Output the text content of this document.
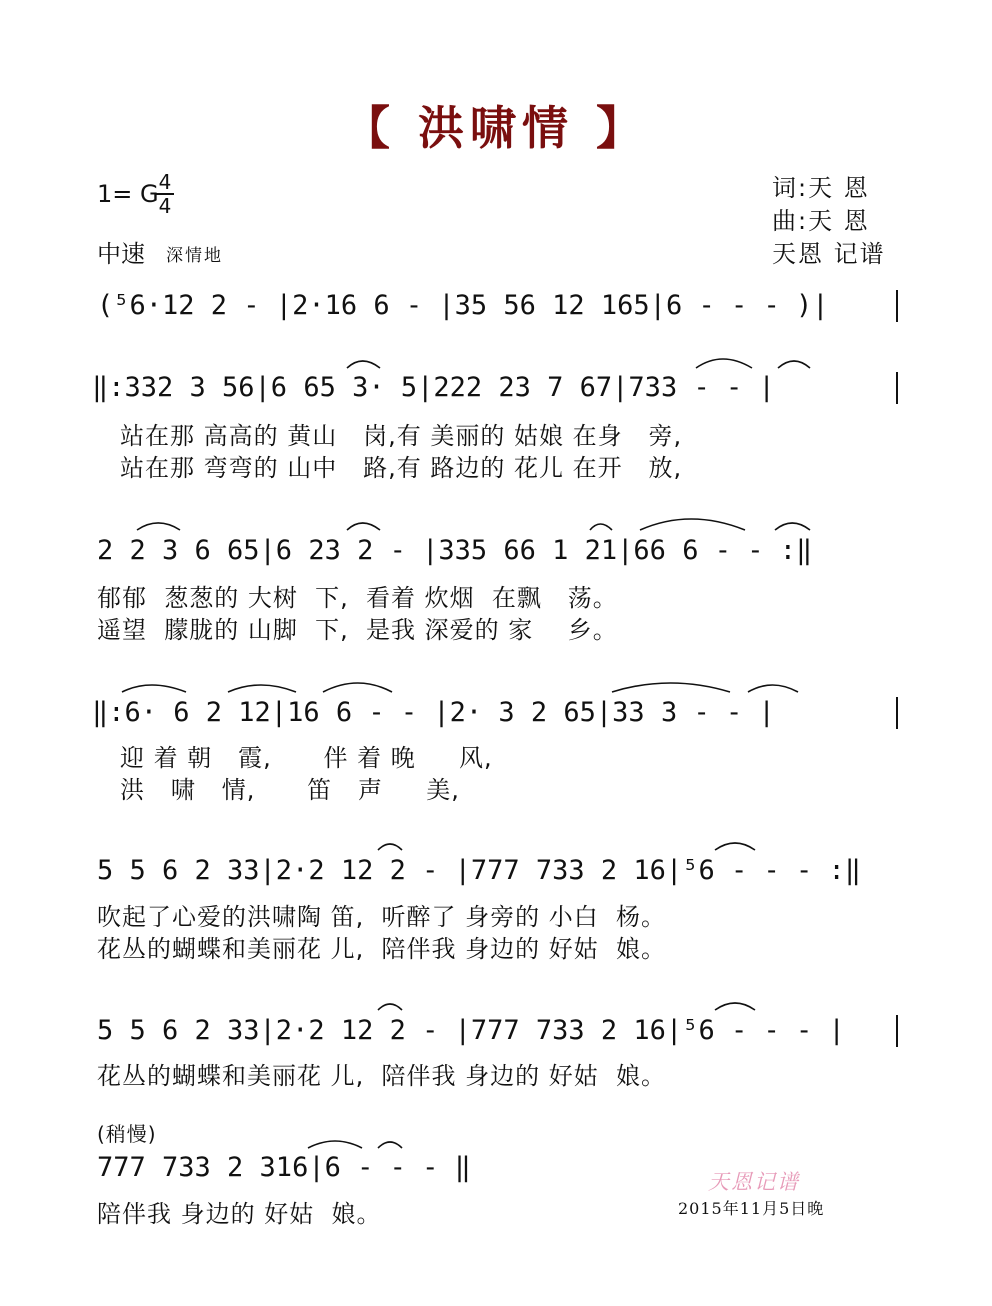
【 洪啸情 】
1= G 4
4
中速 深情地
词:天 恩
曲:天 恩
天恩 记谱
(⁵6·12 2 - |2·16 6 - |35 56 12 165|6 - - - )|
‖:332 3 56|6 65 3· 5|222 23 7 67|733 - - |
站在那 高高的 黄山   岗,有 美丽的 姑娘 在身   旁,
站在那 弯弯的 山中   路,有 路边的 花儿 在开   放,
2 2 3 6 65|6 23 2 - |335 66 1 21|66 6 - - :‖
郁郁  葱葱的 大树  下,  看着 炊烟  在飘   荡。
遥望  朦胧的 山脚  下,  是我 深爱的 家    乡。
‖:6· 6 2 12|16 6 - - |2· 3 2 65|33 3 - - |
迎 着 朝   霞,      伴 着 晚     风,
洪   啸   情,      笛   声     美,
5 5 6 2 33|2·2 12 2 - |777 733 2 16|⁵6 - - - :‖
吹起了心爱的洪啸陶 笛,  听醉了 身旁的 小白  杨。
花丛的蝴蝶和美丽花 儿,  陪伴我 身边的 好姑  娘。
5 5 6 2 33|2·2 12 2 - |777 733 2 16|⁵6 - - - |
花丛的蝴蝶和美丽花 儿,  陪伴我 身边的 好姑  娘。
(稍慢)
777 733 2 316|6 - - - ‖
陪伴我 身边的 好姑  娘。
天恩记谱
2015年11月5日晚
